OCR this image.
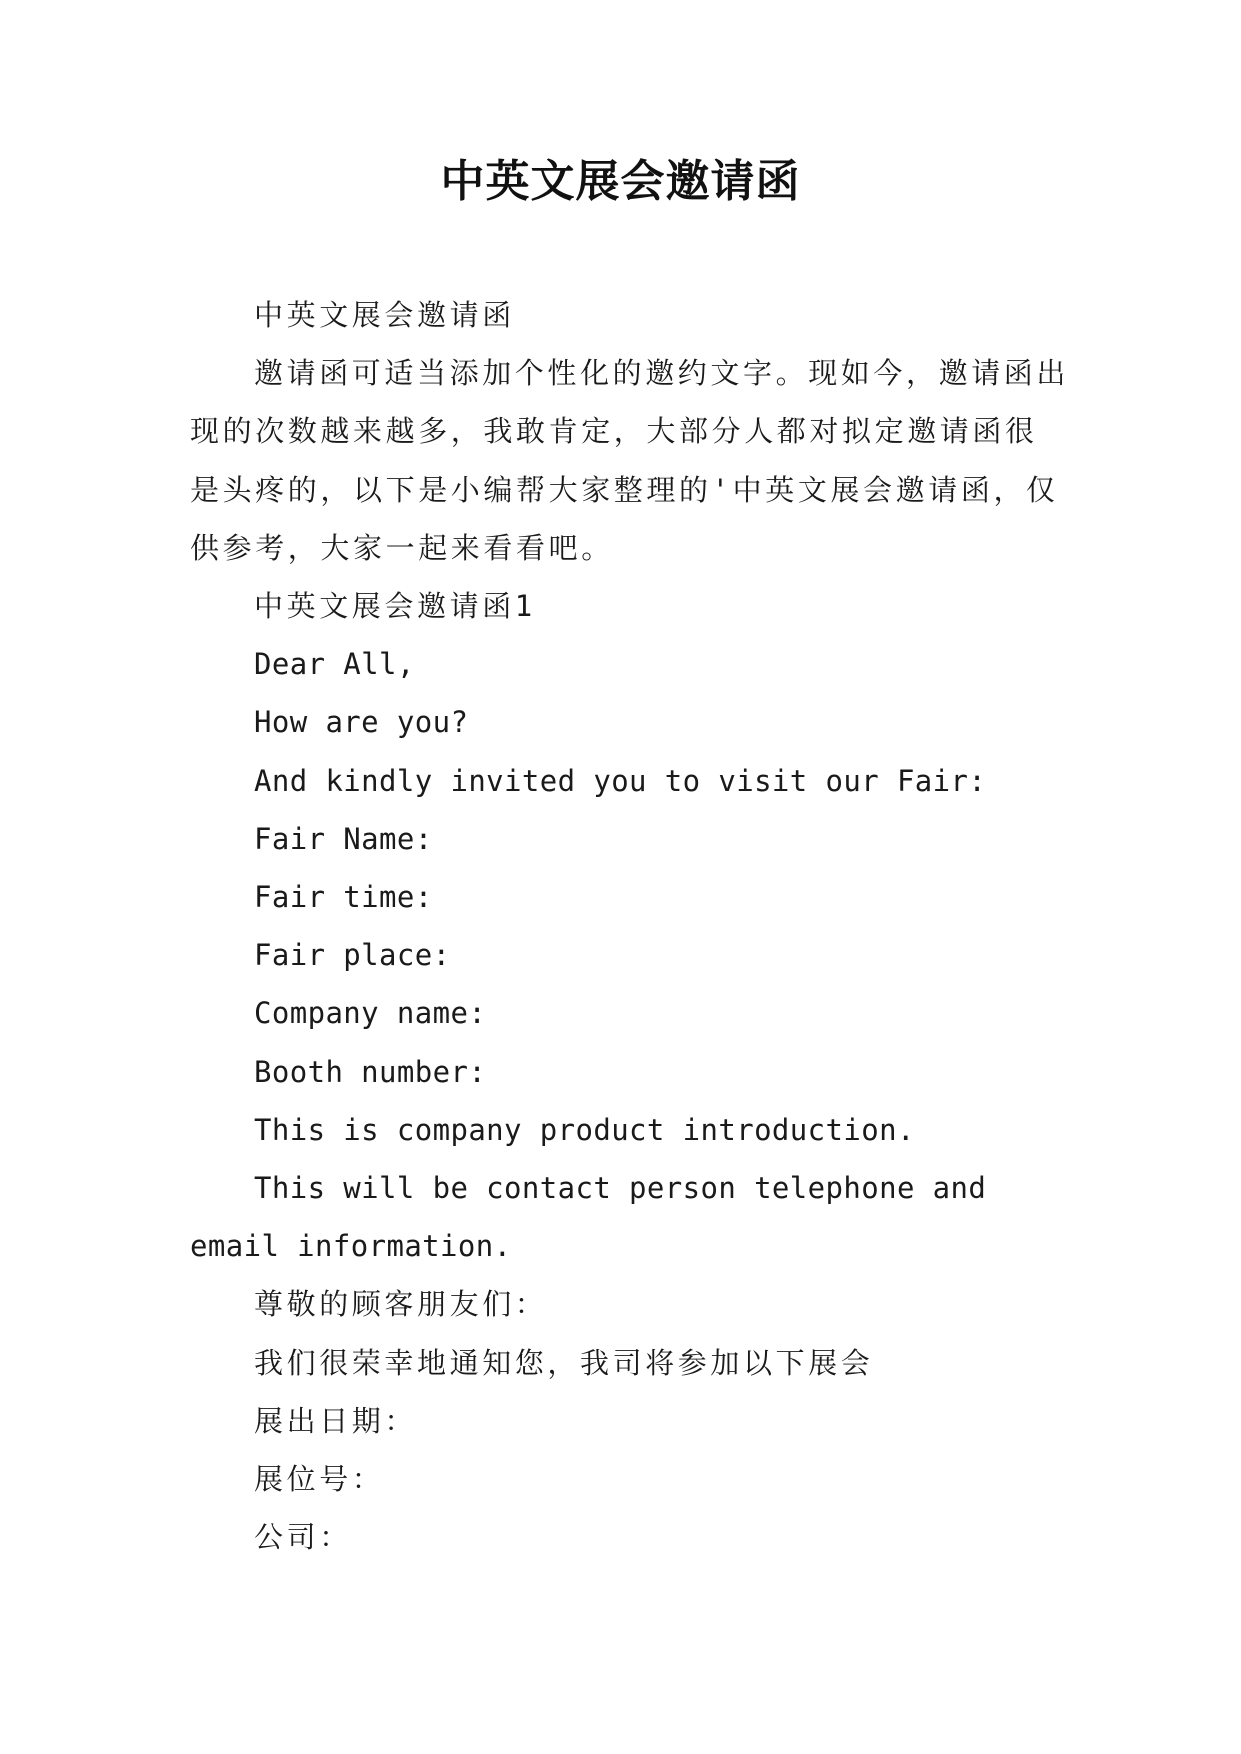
中英文展会邀请函

中英文展会邀请函

邀请函可适当添加个性化的邀约文字。现如今，邀请函出现的次数越来越多，我敢肯定，大部分人都对拟定邀请函很是头疼的，以下是小编帮大家整理的'中英文展会邀请函，仅供参考，大家一起来看看吧。

中英文展会邀请函1

Dear All,

How are you?

And kindly invited you to visit our Fair:

Fair Name:

Fair time:

Fair place:

Company name:

Booth number:

This is company product introduction.

This will be contact person telephone and email information.

尊敬的顾客朋友们：

我们很荣幸地通知您，我司将参加以下展会

展出日期：

展位号：

公司：
